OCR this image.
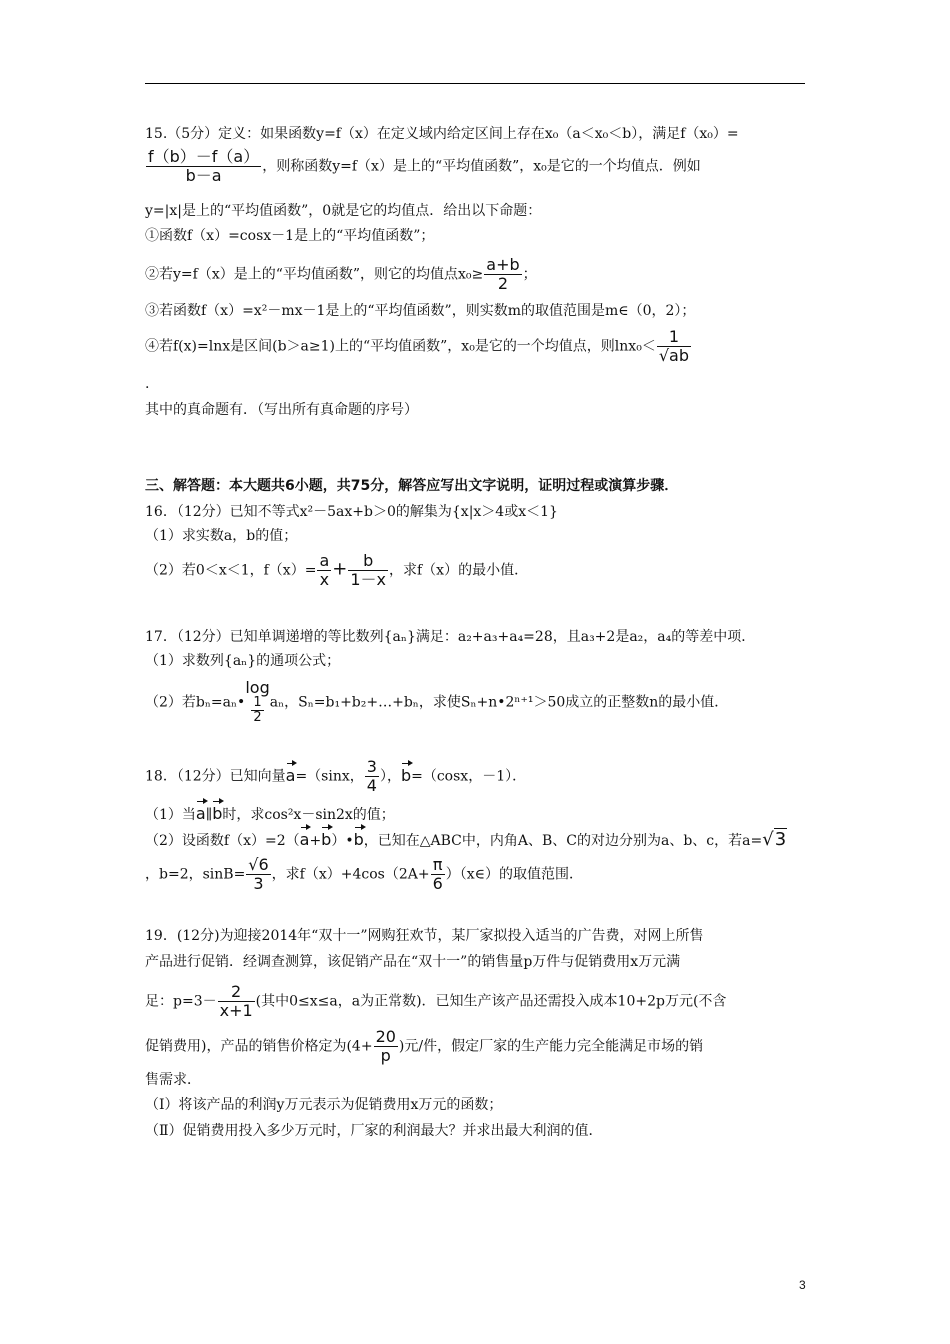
15.（5分）定义：如果函数y=f（x）在定义域内给定区间上存在x₀（a＜x₀＜b），满足f（x₀）=
$\frac{f(b)-f(a)}{b-a}$ ，则称函数y=f（x）是上的“平均值函数”，x₀是它的一个均值点．例如
y=|x|是上的“平均值函数”，0就是它的均值点．给出以下命题：
①函数f（x）=cosx－1是上的“平均值函数”；
②若y=f（x）是上的“平均值函数”，则它的均值点$x_0\ge \frac{a+b}{2}$ ；
③若函数f（x）=x²－mx－1是上的“平均值函数”，则实数m的取值范围是m∈（0，2）；
④若f(x)=lnx是区间(b＞a≥1)上的“平均值函数”，x₀是它的一个均值点，则$\ln x_0< \frac{1}{√ab}$
.
其中的真命题有．（写出所有真命题的序号）
三、解答题：本大题共6小题，共75分，解答应写出文字说明，证明过程或演算步骤．
16．（12分）已知不等式x²－5ax+b＞0的解集为{x|x＞4或x＜1}
（1）求实数a，b的值；
（2）若0＜x＜1，$f(x)= \frac{a}{x} + \frac{b}{1-x}$ ，求f（x）的最小值．
17．（12分）已知单调递增的等比数列{aₙ}满足：a₂+a₃+a₄=28，且a₃+2是a₂，a₄的等差中项．
（1）求数列{aₙ}的通项公式；
（2）若bₙ=aₙ•
log
$\frac{1}{2}$ aₙ，Sₙ=b₁+b₂+…+bₙ，求使Sₙ+n•2ⁿ⁺¹＞50成立的正整数n的最小值．
18．（12分）已知向量a=（sinx， $\frac{3}{4}$ ），b=（cosx，－1）．
（1）当a∥b时，求cos²x－sin2x的值；
（2）设函数f（x）=2（a+b）•b，已知在△ABC中，内角A、B、C的对边分别为a、b、c，若a=√3
，b=2，$\sin B= \frac{√6}{3}$ ，求$f(x)+4\cos(2A+ \frac{\pi}{6}$ ）（x∈）的取值范围．
19．(12分)为迎接2014年“双十一”网购狂欢节，某厂家拟投入适当的广告费，对网上所售
产品进行促销．经调查测算，该促销产品在“双十一”的销售量p万件与促销费用x万元满
足：$p=3- \frac{2}{x+1}$ (其中0≤x≤a，a为正常数)．已知生产该产品还需投入成本10+2p万元(不含
促销费用)，产品的销售价格定为($4+ \frac{20}{p}$ )元/件，假定厂家的生产能力完全能满足市场的销
售需求．
（Ⅰ）将该产品的利润y万元表示为促销费用x万元的函数；
（Ⅱ）促销费用投入多少万元时，厂家的利润最大？并求出最大利润的值．
3
